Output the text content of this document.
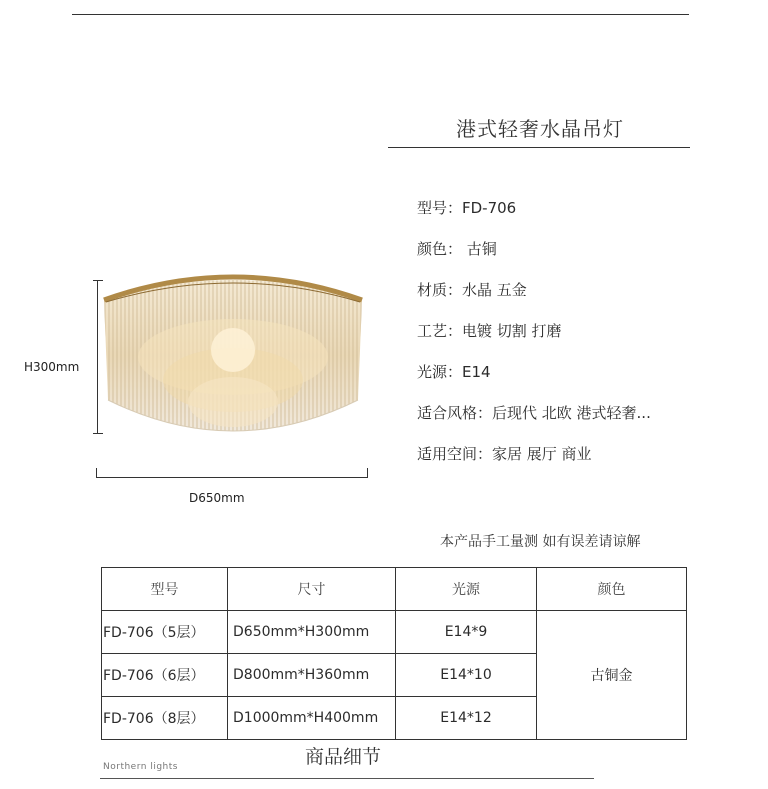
港式轻奢水晶吊灯
H300mm
D650mm
型号：FD-706
颜色： 古铜
材质：水晶 五金
工艺：电镀 切割 打磨
光源：E14
适合风格：后现代 北欧 港式轻奢...
适用空间：家居 展厅 商业
本产品手工量测 如有误差请谅解
型号	尺寸	光源	颜色
FD-706（5层）	D650mm*H300mm	E14*9	古铜金
FD-706（6层）	D800mm*H360mm	E14*10	
FD-706（8层）	D1000mm*H400mm	E14*12	
商品细节
Northern lights
